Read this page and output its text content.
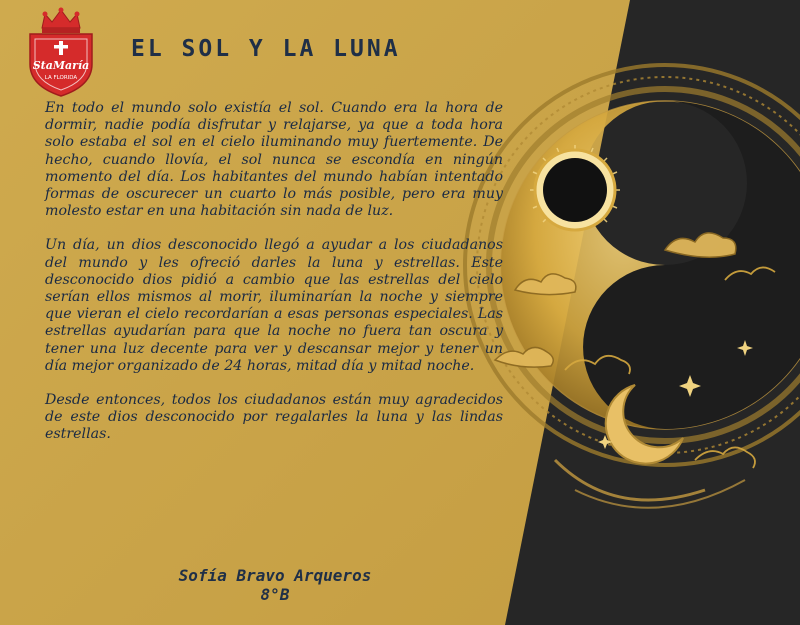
StaMaría
LA FLORIDA
EL SOL Y LA LUNA

En todo el mundo solo existía el sol. Cuando era la hora de dormir, nadie podía disfrutar y relajarse, ya que a toda hora solo estaba el sol en el cielo iluminando muy fuertemente. De hecho, cuando llovía, el sol nunca se escondía en ningún momento del día. Los habitantes del mundo habían intentado formas de oscurecer un cuarto lo más posible, pero era muy molesto estar en una habitación sin nada de luz.

Un día, un dios desconocido llegó a ayudar a los ciudadanos del mundo y les ofreció darles la luna y estrellas. Este desconocido dios pidió a cambio que las estrellas del cielo serían ellos mismos al morir, iluminarían la noche y siempre que vieran el cielo recordarían a esas personas especiales. Las estrellas ayudarían para que la noche no fuera tan oscura y tener una luz decente para ver y descansar mejor y tener un día mejor organizado de 24 horas, mitad día y mitad noche.

Desde entonces, todos los ciudadanos están muy agradecidos de este dios desconocido por regalarles la luna y las lindas estrellas.

Sofía Bravo Arqueros
8°B
